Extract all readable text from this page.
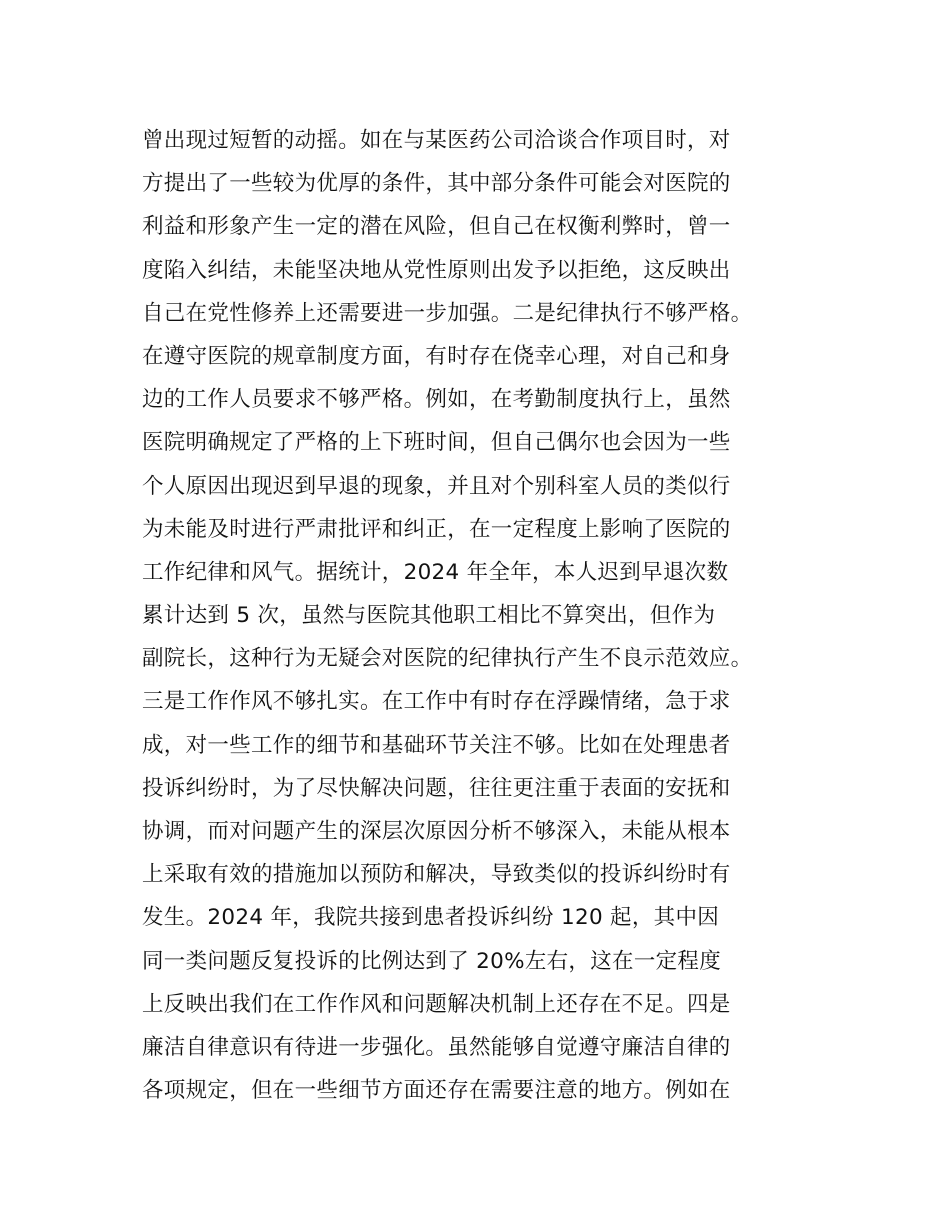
曾出现过短暂的动摇。如在与某医药公司洽谈合作项目时，对
方提出了一些较为优厚的条件，其中部分条件可能会对医院的
利益和形象产生一定的潜在风险，但自己在权衡利弊时，曾一
度陷入纠结，未能坚决地从党性原则出发予以拒绝，这反映出
自己在党性修养上还需要进一步加强。二是纪律执行不够严格。
在遵守医院的规章制度方面，有时存在侥幸心理，对自己和身
边的工作人员要求不够严格。例如，在考勤制度执行上，虽然
医院明确规定了严格的上下班时间，但自己偶尔也会因为一些
个人原因出现迟到早退的现象，并且对个别科室人员的类似行
为未能及时进行严肃批评和纠正，在一定程度上影响了医院的
工作纪律和风气。据统计，2024 年全年，本人迟到早退次数
累计达到 5 次，虽然与医院其他职工相比不算突出，但作为
副院长，这种行为无疑会对医院的纪律执行产生不良示范效应。
三是工作作风不够扎实。在工作中有时存在浮躁情绪，急于求
成，对一些工作的细节和基础环节关注不够。比如在处理患者
投诉纠纷时，为了尽快解决问题，往往更注重于表面的安抚和
协调，而对问题产生的深层次原因分析不够深入，未能从根本
上采取有效的措施加以预防和解决，导致类似的投诉纠纷时有
发生。2024 年，我院共接到患者投诉纠纷 120 起，其中因
同一类问题反复投诉的比例达到了 20%左右，这在一定程度
上反映出我们在工作作风和问题解决机制上还存在不足。四是
廉洁自律意识有待进一步强化。虽然能够自觉遵守廉洁自律的
各项规定，但在一些细节方面还存在需要注意的地方。例如在
